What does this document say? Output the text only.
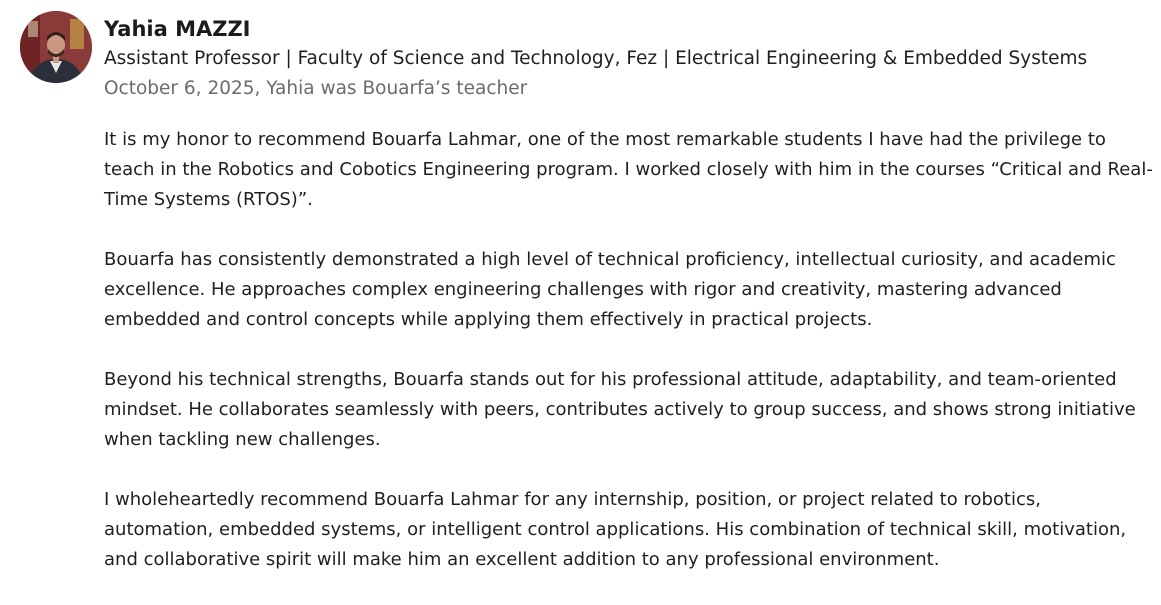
Yahia MAZZI
Assistant Professor | Faculty of Science and Technology, Fez | Electrical Engineering & Embedded Systems
October 6, 2025, Yahia was Bouarfa’s teacher

It is my honor to recommend Bouarfa Lahmar, one of the most remarkable students I have had the privilege to teach in the Robotics and Cobotics Engineering program. I worked closely with him in the courses “Critical and Real-Time Systems (RTOS)”.

Bouarfa has consistently demonstrated a high level of technical proficiency, intellectual curiosity, and academic excellence. He approaches complex engineering challenges with rigor and creativity, mastering advanced embedded and control concepts while applying them effectively in practical projects.

Beyond his technical strengths, Bouarfa stands out for his professional attitude, adaptability, and team-oriented mindset. He collaborates seamlessly with peers, contributes actively to group success, and shows strong initiative when tackling new challenges.

I wholeheartedly recommend Bouarfa Lahmar for any internship, position, or project related to robotics, automation, embedded systems, or intelligent control applications. His combination of technical skill, motivation, and collaborative spirit will make him an excellent addition to any professional environment.
